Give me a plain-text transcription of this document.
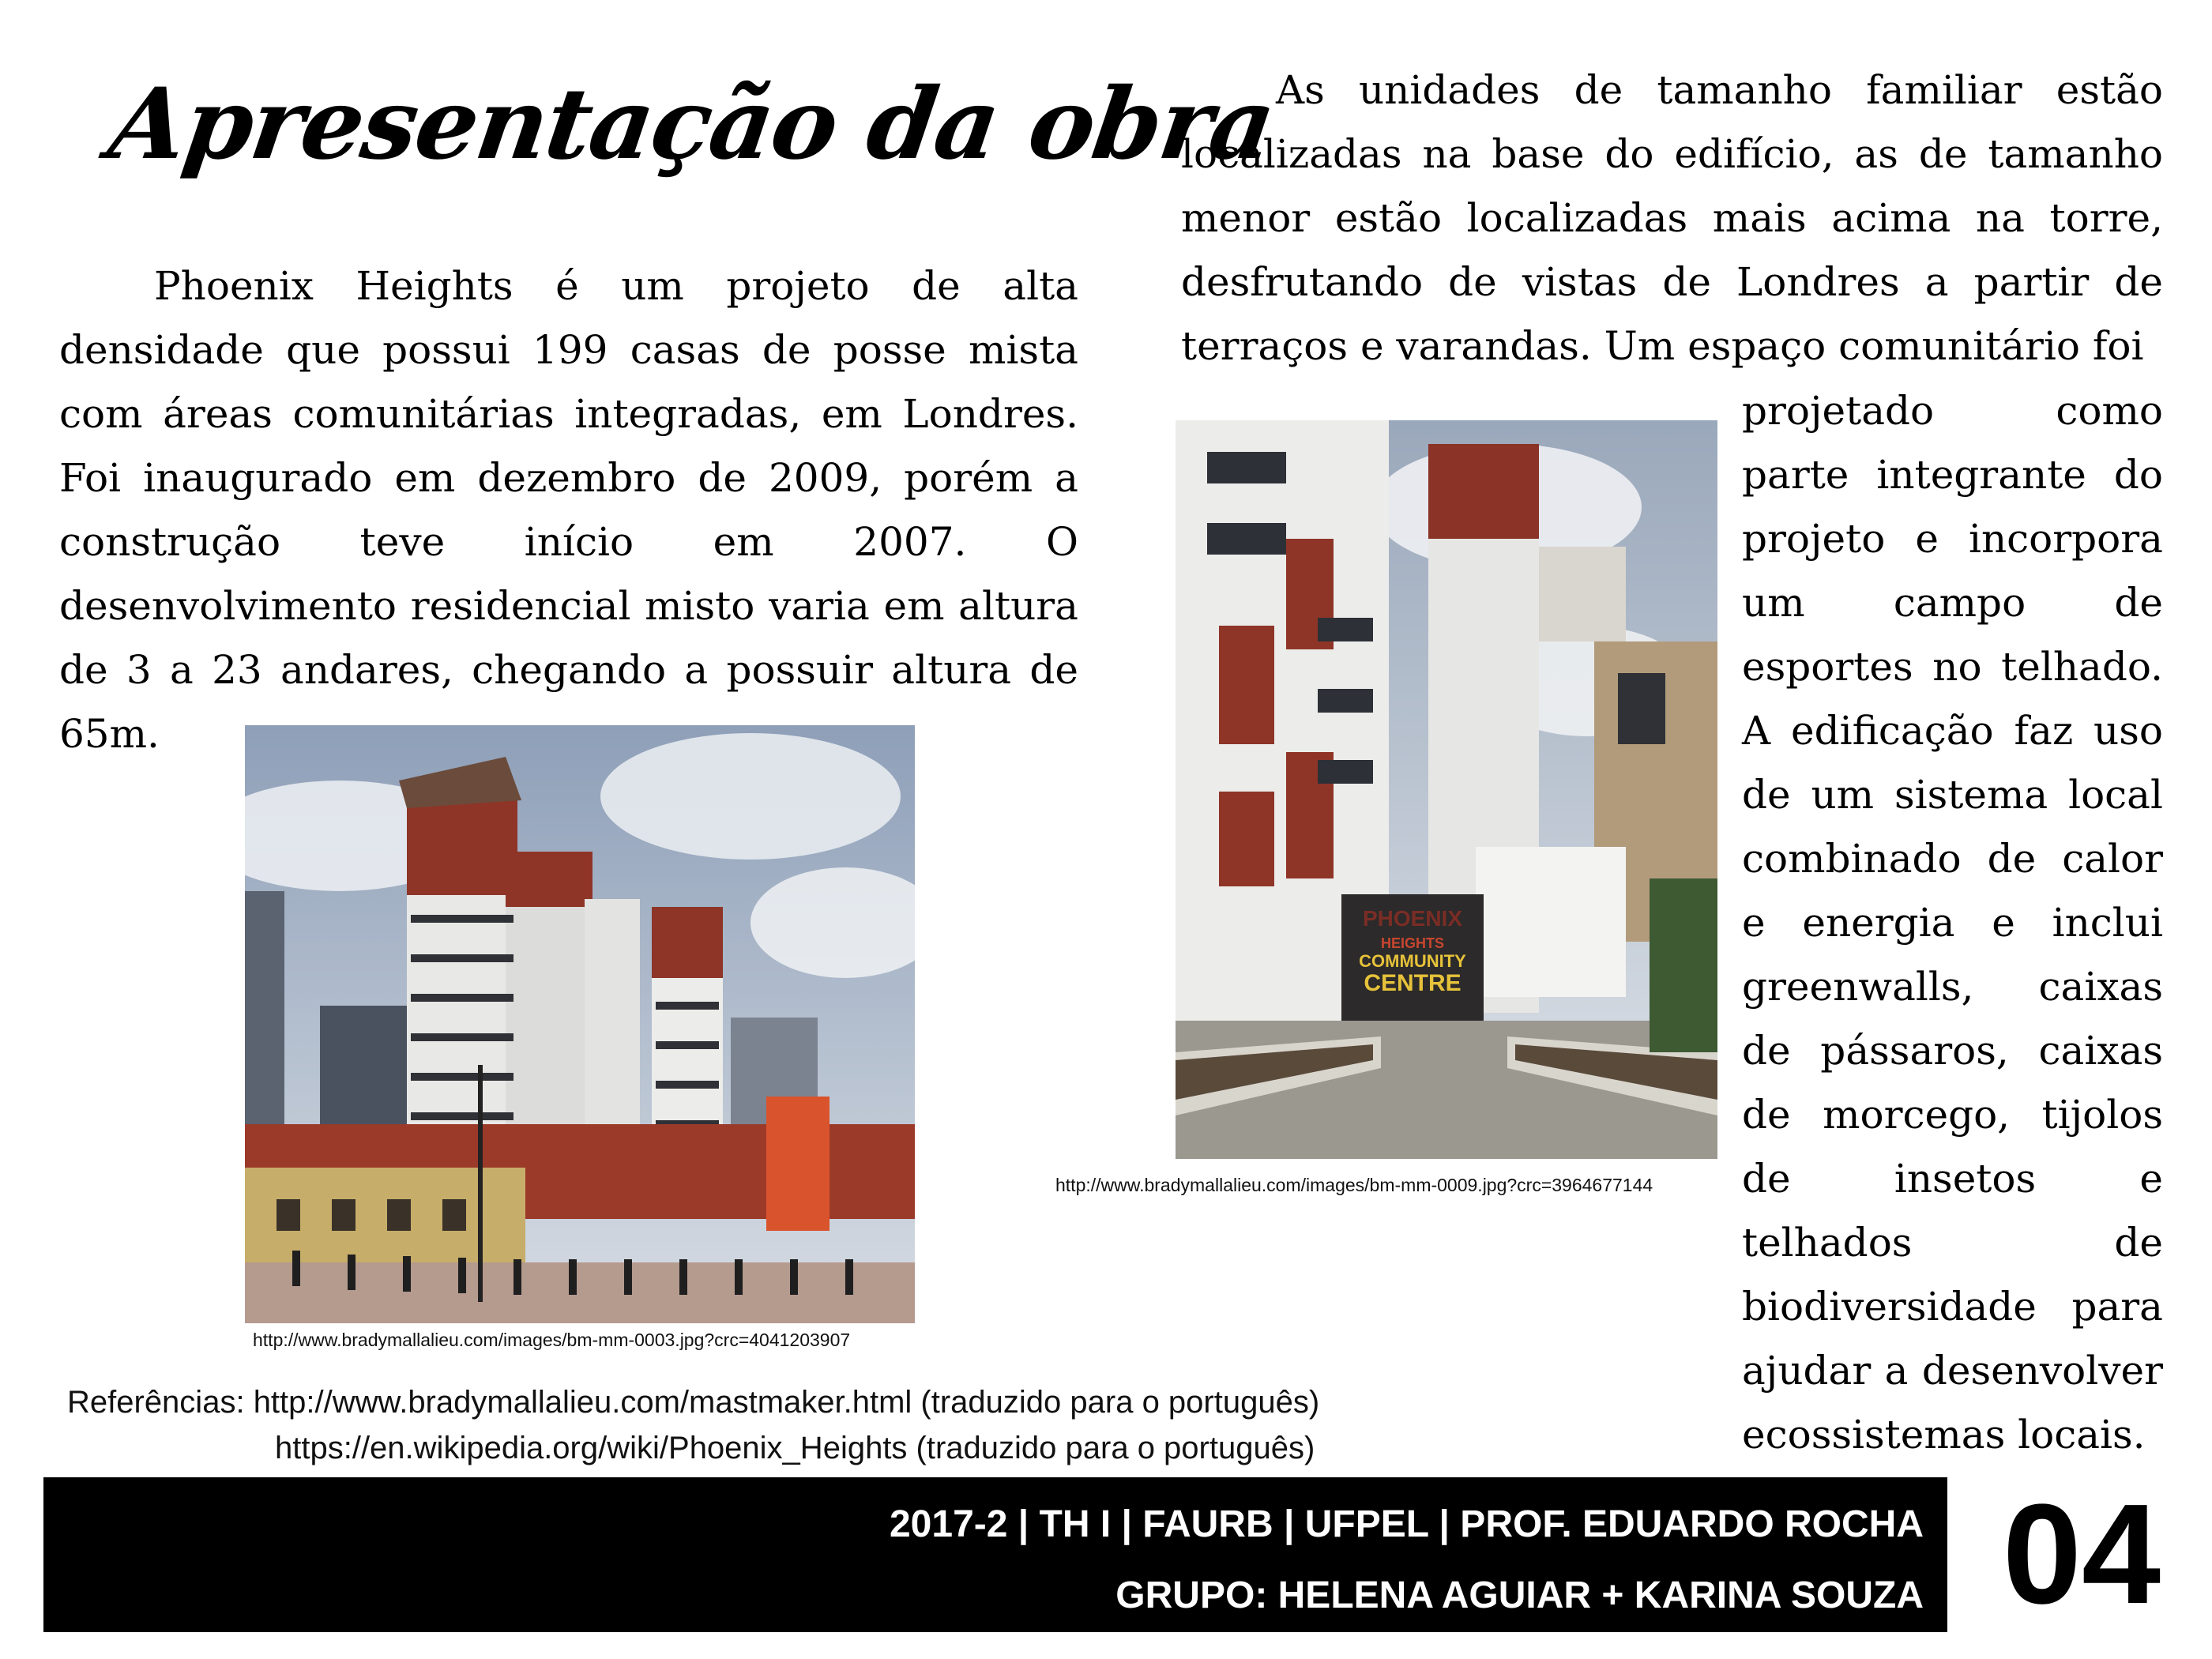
Apresentação da obra
Phoenix Heights é um projeto de alta densidade que possui 199 casas de posse mista com áreas comunitárias integradas, em Londres. Foi inaugurado em dezembro de 2009, porém a construção teve início em 2007. O desenvolvimento residencial misto varia em altura de 3 a 23 andares, chegando a possuir altura de 65m.
As unidades de tamanho familiar estão localizadas na base do edifício, as de tamanho menor estão localizadas mais acima na torre, desfrutando de vistas de Londres a partir de terraços e varandas. Um espaço comunitário foi
projetado como parte integrante do projeto e incorpora um campo de esportes no telhado. A edificação faz uso de um sistema local combinado de calor e energia e inclui greenwalls, caixas de pássaros, caixas de morcego, tijolos de insetos e telhados de biodiversidade para ajudar a desenvolver ecossistemas locais.
http://www.bradymallalieu.com/images/bm-mm-0003.jpg?crc=4041203907
PHOENIX
HEIGHTS
COMMUNITY
CENTRE
http://www.bradymallalieu.com/images/bm-mm-0009.jpg?crc=3964677144
Referências: http://www.bradymallalieu.com/mastmaker.html (traduzido para o português)
https://en.wikipedia.org/wiki/Phoenix_Heights (traduzido para o português)
2017-2 | TH I | FAURB | UFPEL | PROF. EDUARDO ROCHA
GRUPO: HELENA AGUIAR + KARINA SOUZA 04
